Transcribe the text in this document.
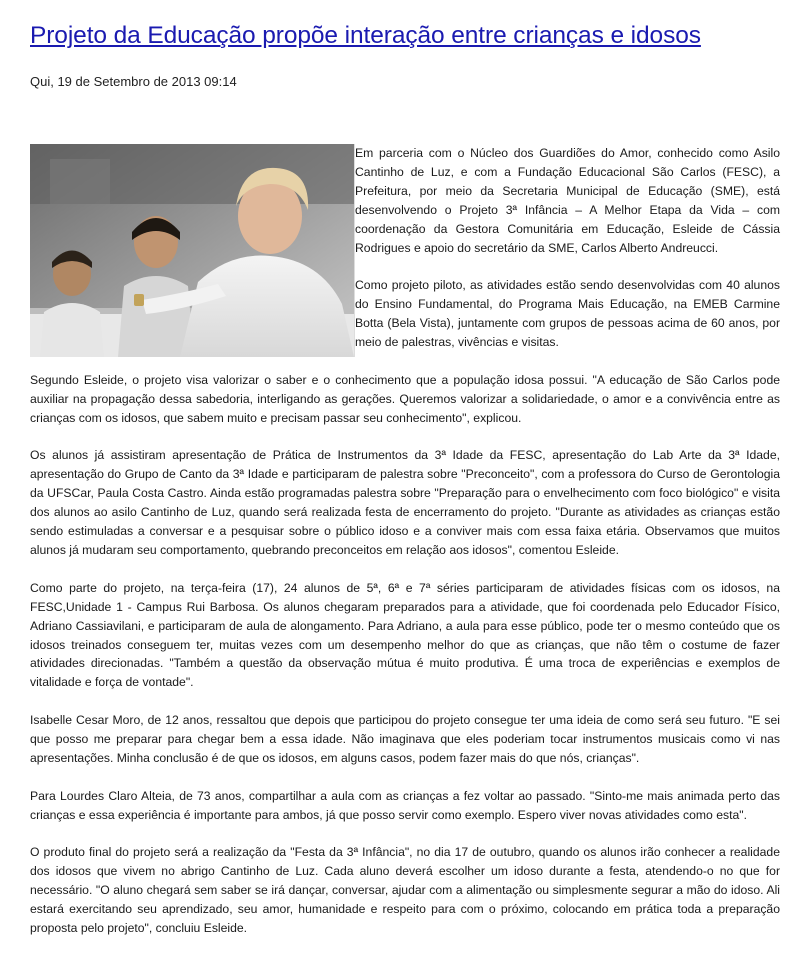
Projeto da Educação propõe interação entre crianças e idosos
Qui, 19 de Setembro de 2013 09:14

Em parceria com o Núcleo dos Guardiões do Amor, conhecido como Asilo Cantinho de Luz, e com a Fundação Educacional São Carlos (FESC), a Prefeitura, por meio da Secretaria Municipal de Educação (SME), está desenvolvendo o Projeto 3ª Infância – A Melhor Etapa da Vida – com coordenação da Gestora Comunitária em Educação, Esleide de Cássia Rodrigues e apoio do secretário da SME, Carlos Alberto Andreucci.

Como projeto piloto, as atividades estão sendo desenvolvidas com 40 alunos do Ensino Fundamental, do Programa Mais Educação, na EMEB Carmine Botta (Bela Vista), juntamente com grupos de pessoas acima de 60 anos, por meio de palestras, vivências e visitas.

Segundo Esleide, o projeto visa valorizar o saber e o conhecimento que a população idosa possui. "A educação de São Carlos pode auxiliar na propagação dessa sabedoria, interligando as gerações. Queremos valorizar a solidariedade, o amor e a convivência entre as crianças com os idosos, que sabem muito e precisam passar seu conhecimento", explicou.

Os alunos já assistiram apresentação de Prática de Instrumentos da 3ª Idade da FESC, apresentação do Lab Arte da 3ª Idade, apresentação do Grupo de Canto da 3ª Idade e participaram de palestra sobre "Preconceito", com a professora do Curso de Gerontologia da UFSCar, Paula Costa Castro. Ainda estão programadas palestra sobre "Preparação para o envelhecimento com foco biológico" e visita dos alunos ao asilo Cantinho de Luz, quando será realizada festa de encerramento do projeto. "Durante as atividades as crianças estão sendo estimuladas a conversar e a pesquisar sobre o público idoso e a conviver mais com essa faixa etária. Observamos que muitos alunos já mudaram seu comportamento, quebrando preconceitos em relação aos idosos", comentou Esleide.

Como parte do projeto, na terça-feira (17), 24 alunos de 5ª, 6ª e 7ª séries participaram de atividades físicas com os idosos, na FESC,Unidade 1 - Campus Rui Barbosa. Os alunos chegaram preparados para a atividade, que foi coordenada pelo Educador Físico, Adriano Cassiavilani, e participaram de aula de alongamento. Para Adriano, a aula para esse público, pode ter o mesmo conteúdo que os idosos treinados conseguem ter, muitas vezes com um desempenho melhor do que as crianças, que não têm o costume de fazer atividades direcionadas. "Também a questão da observação mútua é muito produtiva. É uma troca de experiências e exemplos de vitalidade e força de vontade".

Isabelle Cesar Moro, de 12 anos, ressaltou que depois que participou do projeto consegue ter uma ideia de como será seu futuro. "E sei que posso me preparar para chegar bem a essa idade. Não imaginava que eles poderiam tocar instrumentos musicais como vi nas apresentações. Minha conclusão é de que os idosos, em alguns casos, podem fazer mais do que nós, crianças".

Para Lourdes Claro Alteia, de 73 anos, compartilhar a aula com as crianças a fez voltar ao passado. "Sinto-me mais animada perto das crianças e essa experiência é importante para ambos, já que posso servir como exemplo. Espero viver novas atividades como esta".

O produto final do projeto será a realização da "Festa da 3ª Infância", no dia 17 de outubro, quando os alunos irão conhecer a realidade dos idosos que vivem no abrigo Cantinho de Luz. Cada aluno deverá escolher um idoso durante a festa, atendendo-o no que for necessário. "O aluno chegará sem saber se irá dançar, conversar, ajudar com a alimentação ou simplesmente segurar a mão do idoso. Ali estará exercitando seu aprendizado, seu amor, humanidade e respeito para com o próximo, colocando em prática toda a preparação proposta pelo projeto", concluiu Esleide.
